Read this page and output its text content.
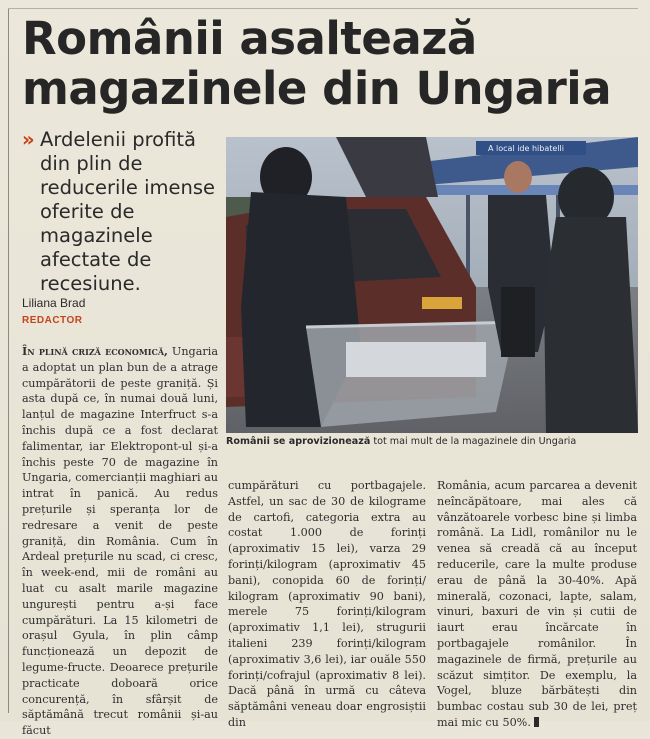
Românii asaltează magazinele din Ungaria
» Ardelenii profită din plin de reducerile imense oferite de magazinele afectate de recesiune.
Liliana Brad
REDACTOR
A local ide hibatelli
Românii se aprovizionează tot mai mult de la magazinele din Ungaria
În plină criză economică, Ungaria a adoptat un plan bun de a atrage cumpărătorii de peste graniță. Și asta după ce, în numai două luni, lanțul de magazine Interfruct s-a închis după ce a fost declarat falimentar, iar Elektropont-ul și-a închis peste 70 de magazine în Ungaria, comercianții maghiari au intrat în panică. Au redus prețurile și speranța lor de redresare a venit de peste graniță, din România. Cum în Ardeal prețurile nu scad, ci cresc, în week-end, mii de români au luat cu asalt marile magazine ungurești pentru a-și face cumpărături. La 15 kilometri de orașul Gyula, în plin câmp funcționează un depozit de legume-fructe. Deoarece prețurile practicate doboară orice concurență, în sfârșit de săptămână trecut românii și-au făcut
cumpărături cu portbagajele. Astfel, un sac de 30 de kilograme de cartofi, categoria extra au costat 1.000 de forinți (aproximativ 15 lei), varza 29 forinți/kilogram (aproximativ 45 bani), conopida 60 de forinți/ kilogram (aproximativ 90 bani), merele 75 forinți/kilogram (aproximativ 1,1 lei), strugurii italieni 239 forinți/kilogram (aproximativ 3,6 lei), iar ouăle 550 forinți/cofrajul (aproximativ 8 lei). Dacă până în urmă cu câteva săptămâni veneau doar engrosiștii din
România, acum parcarea a devenit neîncăpătoare, mai ales că vânzătoarele vorbesc bine și limba română. La Lidl, românilor nu le venea să creadă că au început reducerile, care la multe produse erau de până la 30-40%. Apă minerală, cozonaci, lapte, salam, vinuri, baxuri de vin și cutii de iaurt erau încărcate în portbagajele românilor. În magazinele de firmă, prețurile au scăzut simțitor. De exemplu, la Vogel, bluze bărbătești din bumbac costau sub 30 de lei, preț mai mic cu 50%.
